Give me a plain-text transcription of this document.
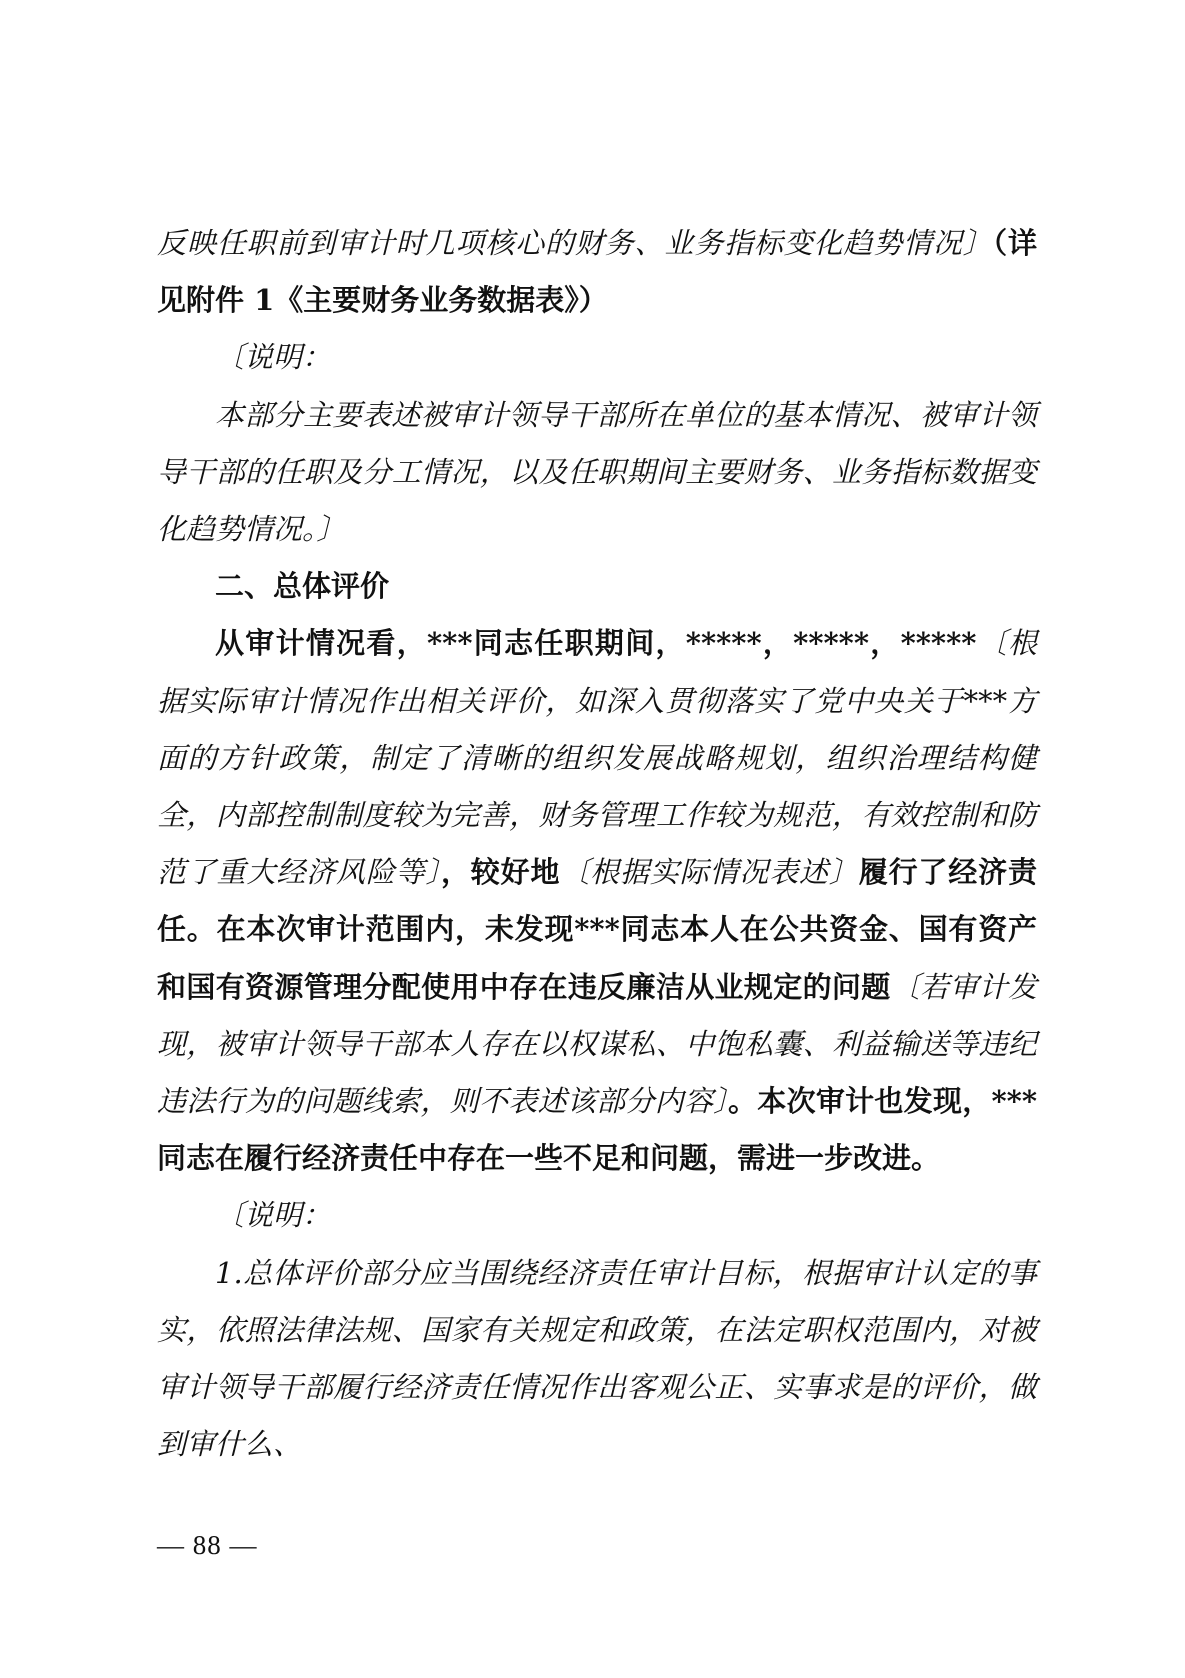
反映任职前到审计时几项核心的财务、业务指标变化趋势情况〕（详见附件 1《主要财务业务数据表》）

〔说明：

本部分主要表述被审计领导干部所在单位的基本情况、被审计领导干部的任职及分工情况，以及任职期间主要财务、业务指标数据变化趋势情况。〕

二、总体评价

从审计情况看，***同志任职期间，*****，*****，*****〔根据实际审计情况作出相关评价，如深入贯彻落实了党中央关于***方面的方针政策，制定了清晰的组织发展战略规划，组织治理结构健全，内部控制制度较为完善，财务管理工作较为规范，有效控制和防范了重大经济风险等〕，较好地〔根据实际情况表述〕履行了经济责任。在本次审计范围内，未发现***同志本人在公共资金、国有资产和国有资源管理分配使用中存在违反廉洁从业规定的问题〔若审计发现，被审计领导干部本人存在以权谋私、中饱私囊、利益输送等违纪违法行为的问题线索，则不表述该部分内容〕。本次审计也发现，***同志在履行经济责任中存在一些不足和问题，需进一步改进。

〔说明：

1.总体评价部分应当围绕经济责任审计目标，根据审计认定的事实，依照法律法规、国家有关规定和政策，在法定职权范围内，对被审计领导干部履行经济责任情况作出客观公正、实事求是的评价，做到审什么、

— 88 —
